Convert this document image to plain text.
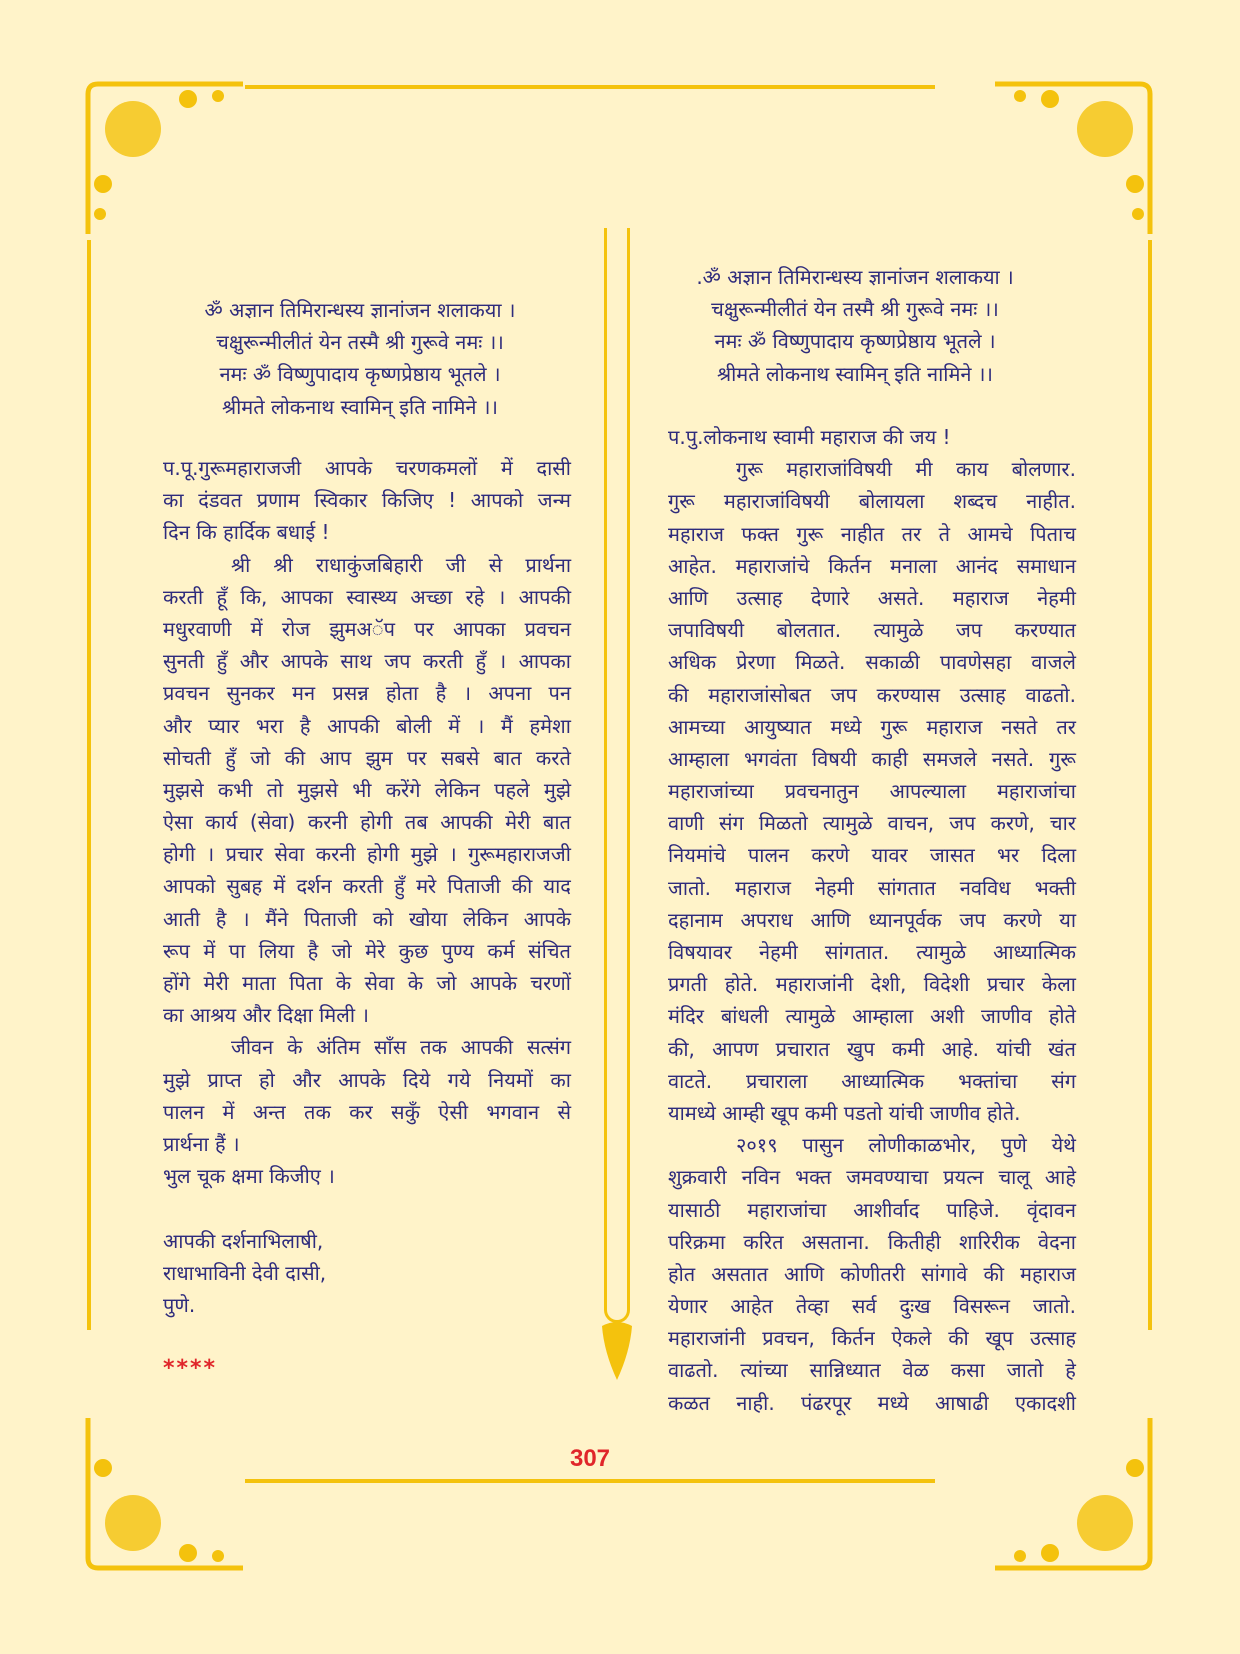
ॐ अज्ञान तिमिरान्धस्य ज्ञानांजन शलाकया ।
चक्षुरून्मीलीतं येन तस्मै श्री गुरूवे नमः ।।
नमः ॐ विष्णुपादाय कृष्णप्रेष्ठाय भूतले ।
श्रीमते लोकनाथ स्वामिन् इति नामिने ।।
प.पू.गुरूमहाराजजी आपके चरणकमलों में दासी
का दंडवत प्रणाम स्विकार किजिए ! आपको जन्म
दिन कि हार्दिक बधाई !
श्री श्री राधाकुंजबिहारी जी से प्रार्थना
करती हूँ कि, आपका स्वास्थ्य अच्छा रहे । आपकी
मधुरवाणी में रोज झुमअॅप पर आपका प्रवचन
सुनती हुँ और आपके साथ जप करती हुँ । आपका
प्रवचन सुनकर मन प्रसन्न होता है । अपना पन
और प्यार भरा है आपकी बोली में । मैं हमेशा
सोचती हुँ जो की आप झुम पर सबसे बात करते
मुझसे कभी तो मुझसे भी करेंगे लेकिन पहले मुझे
ऐसा कार्य (सेवा) करनी होगी तब आपकी मेरी बात
होगी । प्रचार सेवा करनी होगी मुझे । गुरूमहाराजजी
आपको सुबह में दर्शन करती हुँ मरे पिताजी की याद
आती है । मैंने पिताजी को खोया लेकिन आपके
रूप में पा लिया है जो मेरे कुछ पुण्य कर्म संचित
होंगे मेरी माता पिता के सेवा के जो आपके चरणों
का आश्रय और दिक्षा मिली ।
जीवन के अंतिम साँस तक आपकी सत्संग
मुझे प्राप्त हो और आपके दिये गये नियमों का
पालन में अन्त तक कर सकुँ ऐसी भगवान से
प्रार्थना हैं ।
भुल चूक क्षमा किजीए ।

आपकी दर्शनाभिलाषी,
राधाभाविनी देवी दासी,
पुणे.
****
.ॐ अज्ञान तिमिरान्धस्य ज्ञानांजन शलाकया ।
चक्षुरून्मीलीतं येन तस्मै श्री गुरूवे नमः ।।
नमः ॐ विष्णुपादाय कृष्णप्रेष्ठाय भूतले ।
श्रीमते लोकनाथ स्वामिन् इति नामिने ।।
प.पु.लोकनाथ स्वामी महाराज की जय !
गुरू महाराजांविषयी मी काय बोलणार.
गुरू महाराजांविषयी बोलायला शब्दच नाहीत.
महाराज फक्त गुरू नाहीत तर ते आमचे पिताच
आहेत. महाराजांचे किर्तन मनाला आनंद समाधान
आणि उत्साह देणारे असते. महाराज नेहमी
जपाविषयी बोलतात. त्यामुळे जप करण्यात
अधिक प्रेरणा मिळते. सकाळी पावणेसहा वाजले
की महाराजांसोबत जप करण्यास उत्साह वाढतो.
आमच्या आयुष्यात मध्ये गुरू महाराज नसते तर
आम्हाला भगवंता विषयी काही समजले नसते. गुरू
महाराजांच्या प्रवचनातुन आपल्याला महाराजांचा
वाणी संग मिळतो त्यामुळे वाचन, जप करणे, चार
नियमांचे पालन करणे यावर जासत भर दिला
जातो. महाराज नेहमी सांगतात नवविध भक्ती
दहानाम अपराध आणि ध्यानपूर्वक जप करणे या
विषयावर नेहमी सांगतात. त्यामुळे आध्यात्मिक
प्रगती होते. महाराजांनी देशी, विदेशी प्रचार केला
मंदिर बांधली त्यामुळे आम्हाला अशी जाणीव होते
की, आपण प्रचारात खुप कमी आहे. यांची खंत
वाटते. प्रचाराला आध्यात्मिक भक्तांचा संग
यामध्ये आम्ही खूप कमी पडतो यांची जाणीव होते.
२०१९ पासुन लोणीकाळभोर, पुणे येथे
शुक्रवारी नविन भक्त जमवण्याचा प्रयत्न चालू आहे
यासाठी महाराजांचा आशीर्वाद पाहिजे. वृंदावन
परिक्रमा करित असताना. कितीही शारिरीक वेदना
होत असतात आणि कोणीतरी सांगावे की महाराज
येणार आहेत तेव्हा सर्व दुःख विसरून जातो.
महाराजांनी प्रवचन, किर्तन ऐकले की खूप उत्साह
वाढतो. त्यांच्या सान्निध्यात वेळ कसा जातो हे
कळत नाही. पंढरपूर मध्ये आषाढी एकादशी
307
